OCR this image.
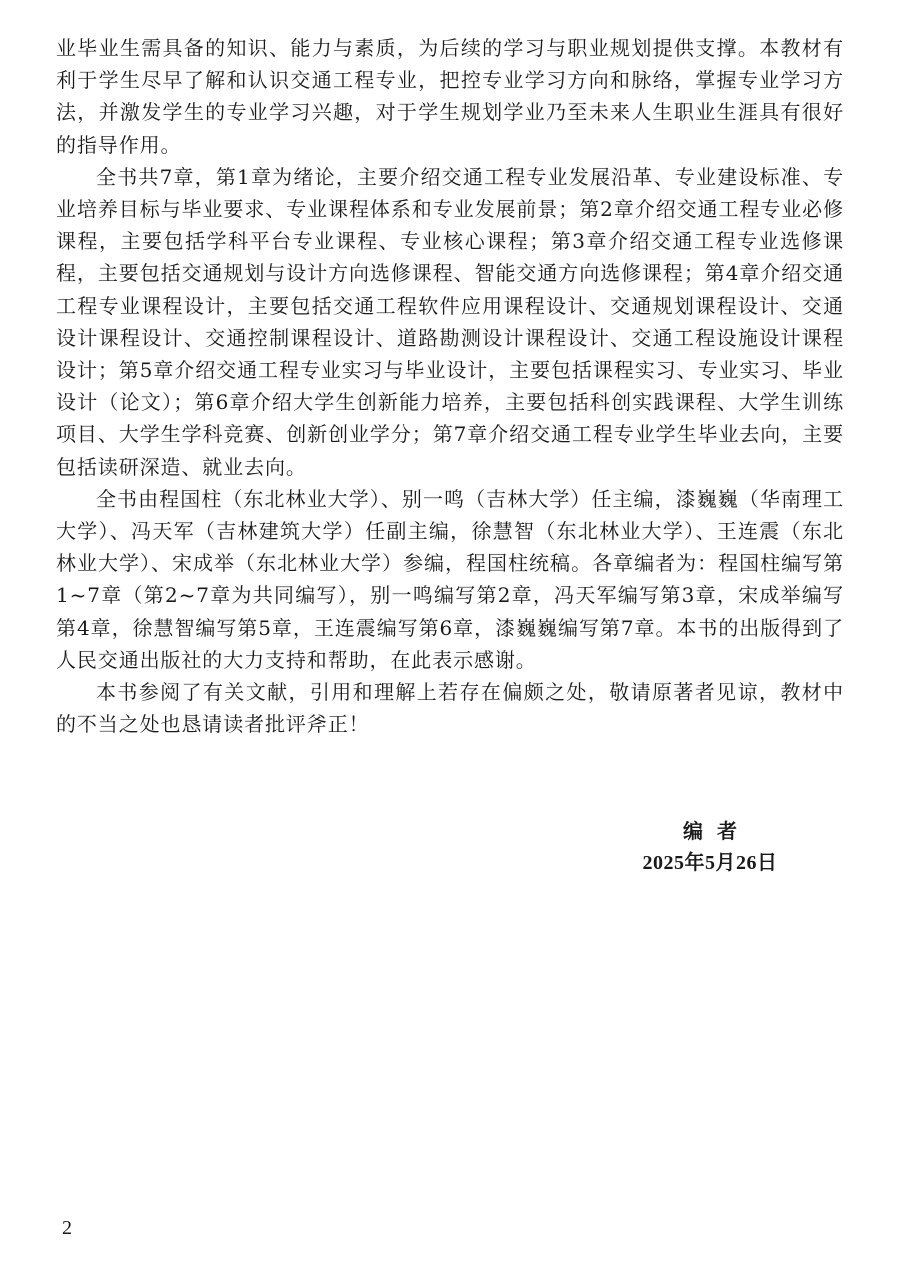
业毕业生需具备的知识、能力与素质，为后续的学习与职业规划提供支撑。本教材有利于学生尽早了解和认识交通工程专业，把控专业学习方向和脉络，掌握专业学习方法，并激发学生的专业学习兴趣，对于学生规划学业乃至未来人生职业生涯具有很好的指导作用。

全书共7章，第1章为绪论，主要介绍交通工程专业发展沿革、专业建设标准、专业培养目标与毕业要求、专业课程体系和专业发展前景；第2章介绍交通工程专业必修课程，主要包括学科平台专业课程、专业核心课程；第3章介绍交通工程专业选修课程，主要包括交通规划与设计方向选修课程、智能交通方向选修课程；第4章介绍交通工程专业课程设计，主要包括交通工程软件应用课程设计、交通规划课程设计、交通设计课程设计、交通控制课程设计、道路勘测设计课程设计、交通工程设施设计课程设计；第5章介绍交通工程专业实习与毕业设计，主要包括课程实习、专业实习、毕业设计（论文）；第6章介绍大学生创新能力培养，主要包括科创实践课程、大学生训练项目、大学生学科竞赛、创新创业学分；第7章介绍交通工程专业学生毕业去向，主要包括读研深造、就业去向。

全书由程国柱（东北林业大学）、别一鸣（吉林大学）任主编，漆巍巍（华南理工大学）、冯天军（吉林建筑大学）任副主编，徐慧智（东北林业大学）、王连震（东北林业大学）、宋成举（东北林业大学）参编，程国柱统稿。各章编者为：程国柱编写第1~7章（第2~7章为共同编写），别一鸣编写第2章，冯天军编写第3章，宋成举编写第4章，徐慧智编写第5章，王连震编写第6章，漆巍巍编写第7章。本书的出版得到了人民交通出版社的大力支持和帮助，在此表示感谢。

本书参阅了有关文献，引用和理解上若存在偏颇之处，敬请原著者见谅，教材中的不当之处也恳请读者批评斧正！

编者
2025年5月26日
2
